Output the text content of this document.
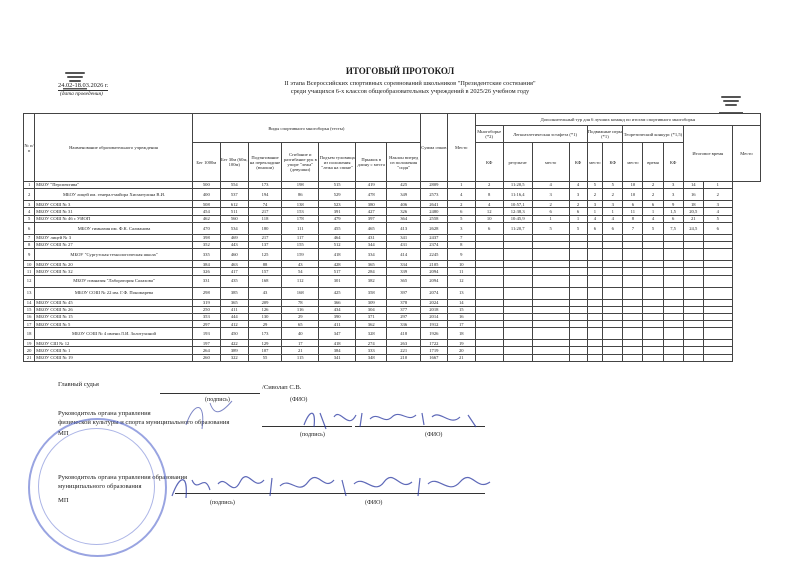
ИТОГОВЫЙ ПРОТОКОЛ
II этапа Всероссийских спортивных соревнований школьников "Президентские состязания"
среди учащихся 6-х классов общеобразовательных учреждений в 2025/26 учебном году
24.02-18.03.2026 г.
(дата проведения)
№ п/п	Наименование образовательного учреждения	Виды спортивного многоборья (тесты)							Сумма очков	Место	Дополнительный тур для 6 лучших команд по итогам спортивного многоборья											
											Многоборье (*2)	Легкоатлетическая эстафета (*1)			Подвижные игры (*1)		Теоретический конкурс (*1,5)			Итоговое время		Место
		Бег 1000м	Бег 30м (60м, 100м)	Подтягивание на перекладине (юноши)	Сгибание и разгибание рук в упоре "лежа" (девушки)	Подъем туловища из положения "лежа на спине"	Прыжок в длину с места	Наклон вперед из положения "сидя"			КФ	результат	место	КФ	место	КФ	место	время	КФ			
1	МБОУ "Перспектива"	500	554	173	198	515	419	425	2809	1	2	11:20,5	4	4	5	5	10	2	3	14	1	
2	МБОУ лицей им. генерал-майора Хисматулина В.И.	400	537	194	86	529	478	349	2573	4	8	11:16,4	3	3	2	2	10	2	3	16	2	
3	МБОУ СОШ № 3	508	612	74	138	523	380	406	2641	2	4	10:57,1	2	2	3	3	6	6	9	18	3	
4	МБОУ СОШ № 31	454	511	217	153	391	427	326	2480	6	12	12:38,3	6	6	1	1	11	1	1,5	20,5	4	
5	МБОУ СОШ № 46 с УИОП	462	560	118	178	479	397	364	2558	5	10	10:45,9	1	1	4	4	8	4	6	21	5	
6	МБОУ гимназия им. Ф.К. Салманова	470	534	180	111	455	465	413	2628	3	6	11:20,7	5	5	6	6	7	5	7,5	24,5	6	
7	МБОУ лицей № 3	398	469	217	117	464	431	341	2437	7												
8	МБОУ СОШ № 27	352	443	137	155	512	344	431	2374	8												
9	МБОУ "Сургутская технологическая школа"	335	460	125	159	418	334	414	2245	9												
10	МБОУ СОШ № 20	384	463	88	43	428	365	334	2105	10												
11	МБОУ СОШ № 32	326	417	157	54	517	284	339	2094	11												
12	МБОУ гимназия "Лаборатория Салахова"	331	435	168	112	301	382	365	2094	12												
13	МБОУ СОШ № 22 им. Г.Ф. Пономарева	298	385	43	168	425	358	397	2074	13												
14	МБОУ СОШ № 45	319	365	209	78	366	309	378	2024	14												
15	МБОУ СОШ № 26	250	411	126	116	434	304	377	2018	15												
16	МБОУ СОШ № 15	353	444	130	29	390	371	297	2014	16												
17	МБОУ СОШ № 5	297	412	29	65	411	362	336	1912	17												
18	МБОУ СОШ № 4 имени Л.И. Золотухиной	193	450	173	40	347	328	418	1926	18												
19	МБОУ СШ № 12	197	422	129	17	418	274	263	1722	19												
20	МБОУ СОШ № 1	264	389	107	21	384	333	221	1719	20												
21	МБОУ СОШ № 19	260	322	55	115	341	348	210	1667	21												
Главный судья	/Сиволап С.В.
(подпись)	(ФИО)
Руководитель органа управления
физической культуры и спорта муниципального образования
МП	(подпись)	(ФИО)
Руководитель органа управления образования
муниципального образования
МП	(подпись)	(ФИО)
